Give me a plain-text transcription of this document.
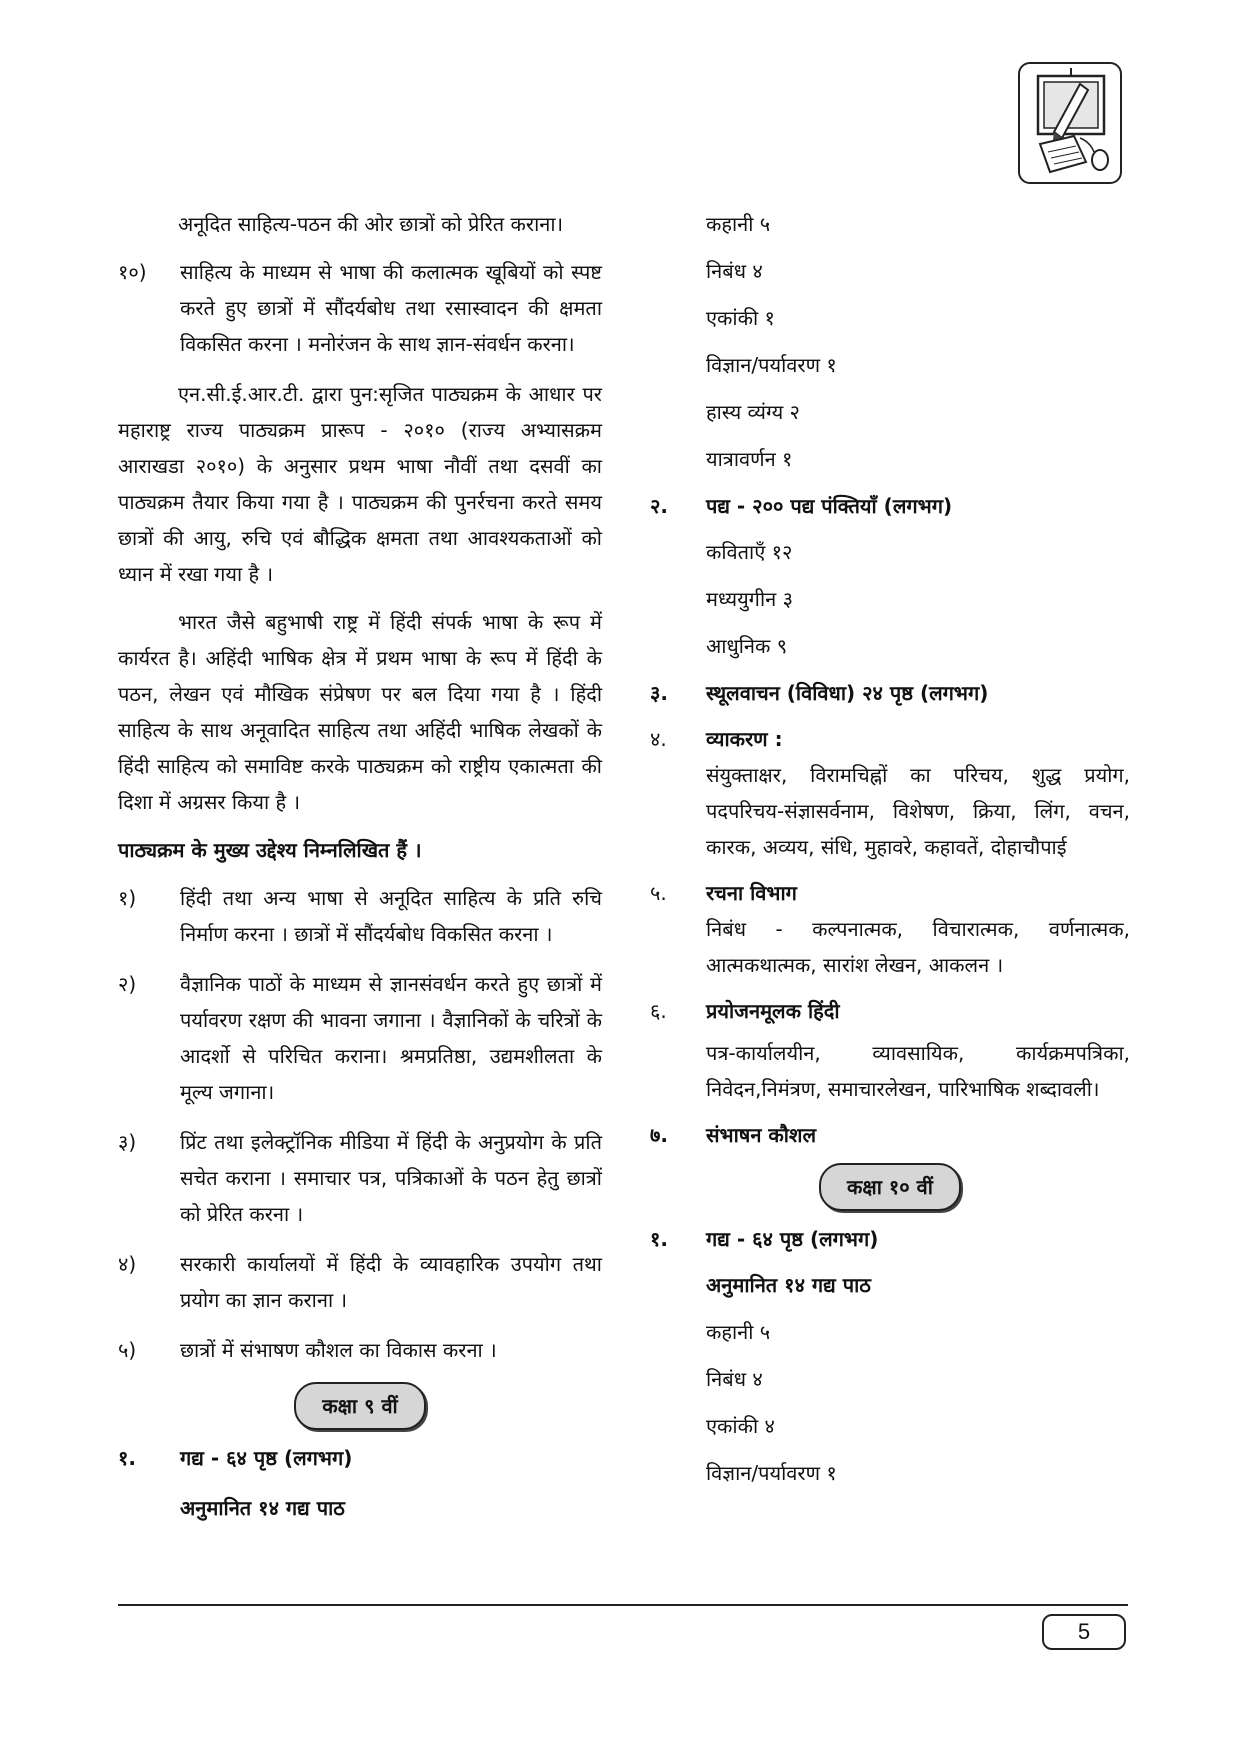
अनूदित साहित्य-पठन की ओर छात्रों को प्रेरित कराना।

१०)	साहित्य के माध्यम से भाषा की कलात्मक खूबियों को स्पष्ट करते हुए छात्रों में सौंदर्यबोध तथा रसास्वादन की क्षमता विकसित करना । मनोरंजन के साथ ज्ञान-संवर्धन करना।

एन.सी.ई.आर.टी. द्वारा पुन:सृजित पाठ्यक्रम के आधार पर महाराष्ट्र राज्य पाठ्यक्रम प्रारूप - २०१० (राज्य अभ्यासक्रम आराखडा २०१०) के अनुसार प्रथम भाषा नौवीं तथा दसवीं का पाठ्यक्रम तैयार किया गया है । पाठ्यक्रम की पुनर्रचना करते समय छात्रों की आयु, रुचि एवं बौद्धिक क्षमता तथा आवश्यकताओं को ध्यान में रखा गया है ।

भारत जैसे बहुभाषी राष्ट्र में हिंदी संपर्क भाषा के रूप में कार्यरत है। अहिंदी भाषिक क्षेत्र में प्रथम भाषा के रूप में हिंदी के पठन, लेखन एवं मौखिक संप्रेषण पर बल दिया गया है । हिंदी साहित्य के साथ अनूवादित साहित्य तथा अहिंदी भाषिक लेखकों के हिंदी साहित्य को समाविष्ट करके पाठ्यक्रम को राष्ट्रीय एकात्मता की दिशा में अग्रसर किया है ।

पाठ्यक्रम के मुख्य उद्देश्य निम्नलिखित हैं ।

१)	हिंदी तथा अन्य भाषा से अनूदित साहित्य के प्रति रुचि निर्माण करना । छात्रों में सौंदर्यबोध विकसित करना ।
२)	वैज्ञानिक पाठों के माध्यम से ज्ञानसंवर्धन करते हुए छात्रों में पर्यावरण रक्षण की भावना जगाना । वैज्ञानिकों के चरित्रों के आदर्शो से परिचित कराना। श्रमप्रतिष्ठा, उद्यमशीलता के मूल्य जगाना।
३)	प्रिंट तथा इलेक्ट्रॉनिक मीडिया में हिंदी के अनुप्रयोग के प्रति सचेत कराना । समाचार पत्र, पत्रिकाओं के पठन हेतु छात्रों को प्रेरित करना ।
४)	सरकारी कार्यालयों में हिंदी के व्यावहारिक उपयोग तथा प्रयोग का ज्ञान कराना ।
५)	छात्रों में संभाषण कौशल का विकास करना ।
कक्षा ९ वीं
१.	गद्य - ६४ पृष्ठ (लगभग)

अनुमानित १४ गद्य पाठ

कहानी ५

निबंध ४

एकांकी १

विज्ञान/पर्यावरण १

हास्य व्यंग्य २

यात्रावर्णन १

२.	पद्य - २०० पद्य पंक्तियाँ (लगभग)

कविताएँ १२

मध्ययुगीन ३

आधुनिक ९

३.	स्थूलवाचन (विविधा) २४ पृष्ठ (लगभग)
४.	व्याकरण :
संयुक्ताक्षर, विरामचिह्नों का परिचय, शुद्ध प्रयोग, पदपरिचय-संज्ञासर्वनाम, विशेषण, क्रिया, लिंग, वचन, कारक, अव्यय, संधि, मुहावरे, कहावतें, दोहाचौपाई
५.	रचना विभाग
निबंध - कल्पनात्मक, विचारात्मक, वर्णनात्मक, आत्मकथात्मक, सारांश लेखन, आकलन ।
६.	प्रयोजनमूलक हिंदी
पत्र-कार्यालयीन, व्यावसायिक, कार्यक्रमपत्रिका, निवेदन,निमंत्रण, समाचारलेखन, पारिभाषिक शब्दावली।
७.	संभाषन कौशल
कक्षा १० वीं
१.	गद्य - ६४ पृष्ठ (लगभग)

अनुमानित १४ गद्य पाठ

कहानी ५

निबंध ४

एकांकी ४

विज्ञान/पर्यावरण १

5
